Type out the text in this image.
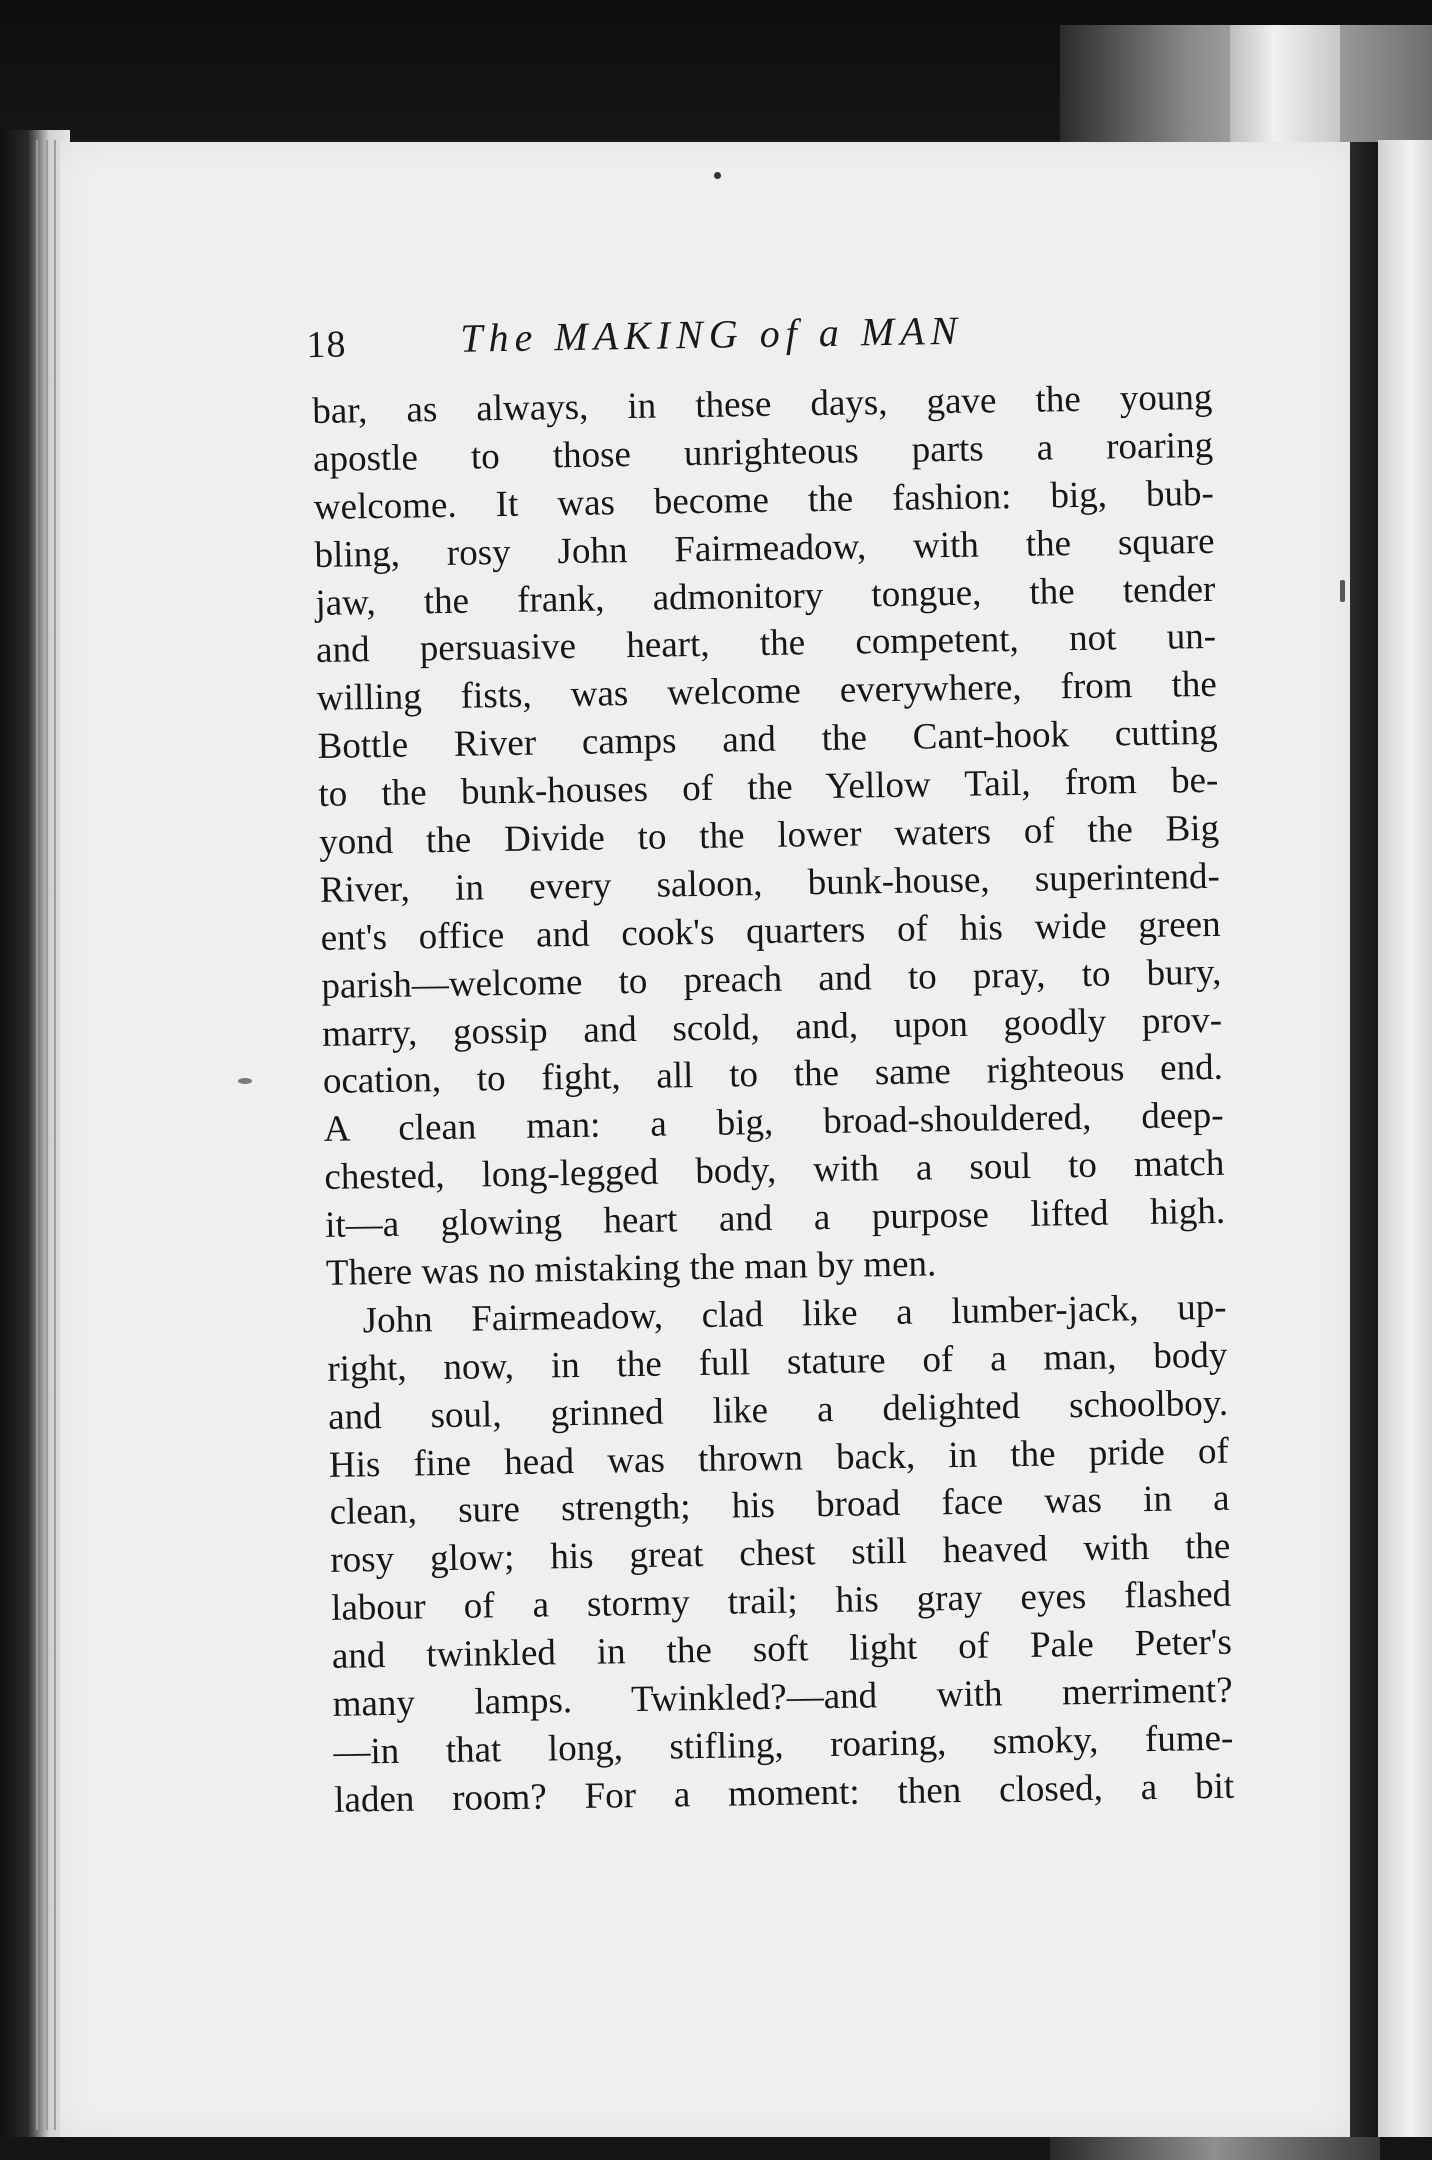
18	The MAKING of a MAN
bar, as always, in these days, gave the young
apostle to those unrighteous parts a roaring
welcome. It was become the fashion: big, bub-
bling, rosy John Fairmeadow, with the square
jaw, the frank, admonitory tongue, the tender
and persuasive heart, the competent, not un-
willing fists, was welcome everywhere, from the
Bottle River camps and the Cant-hook cutting
to the bunk-houses of the Yellow Tail, from be-
yond the Divide to the lower waters of the Big
River, in every saloon, bunk-house, superintend-
ent's office and cook's quarters of his wide green
parish—welcome to preach and to pray, to bury,
marry, gossip and scold, and, upon goodly prov-
ocation, to fight, all to the same righteous end.
A clean man: a big, broad-shouldered, deep-
chested, long-legged body, with a soul to match
it—a glowing heart and a purpose lifted high.
There was no mistaking the man by men.
John Fairmeadow, clad like a lumber-jack, up-
right, now, in the full stature of a man, body
and soul, grinned like a delighted schoolboy.
His fine head was thrown back, in the pride of
clean, sure strength; his broad face was in a
rosy glow; his great chest still heaved with the
labour of a stormy trail; his gray eyes flashed
and twinkled in the soft light of Pale Peter's
many lamps. Twinkled?—and with merriment?
—in that long, stifling, roaring, smoky, fume-
laden room? For a moment: then closed, a bit
